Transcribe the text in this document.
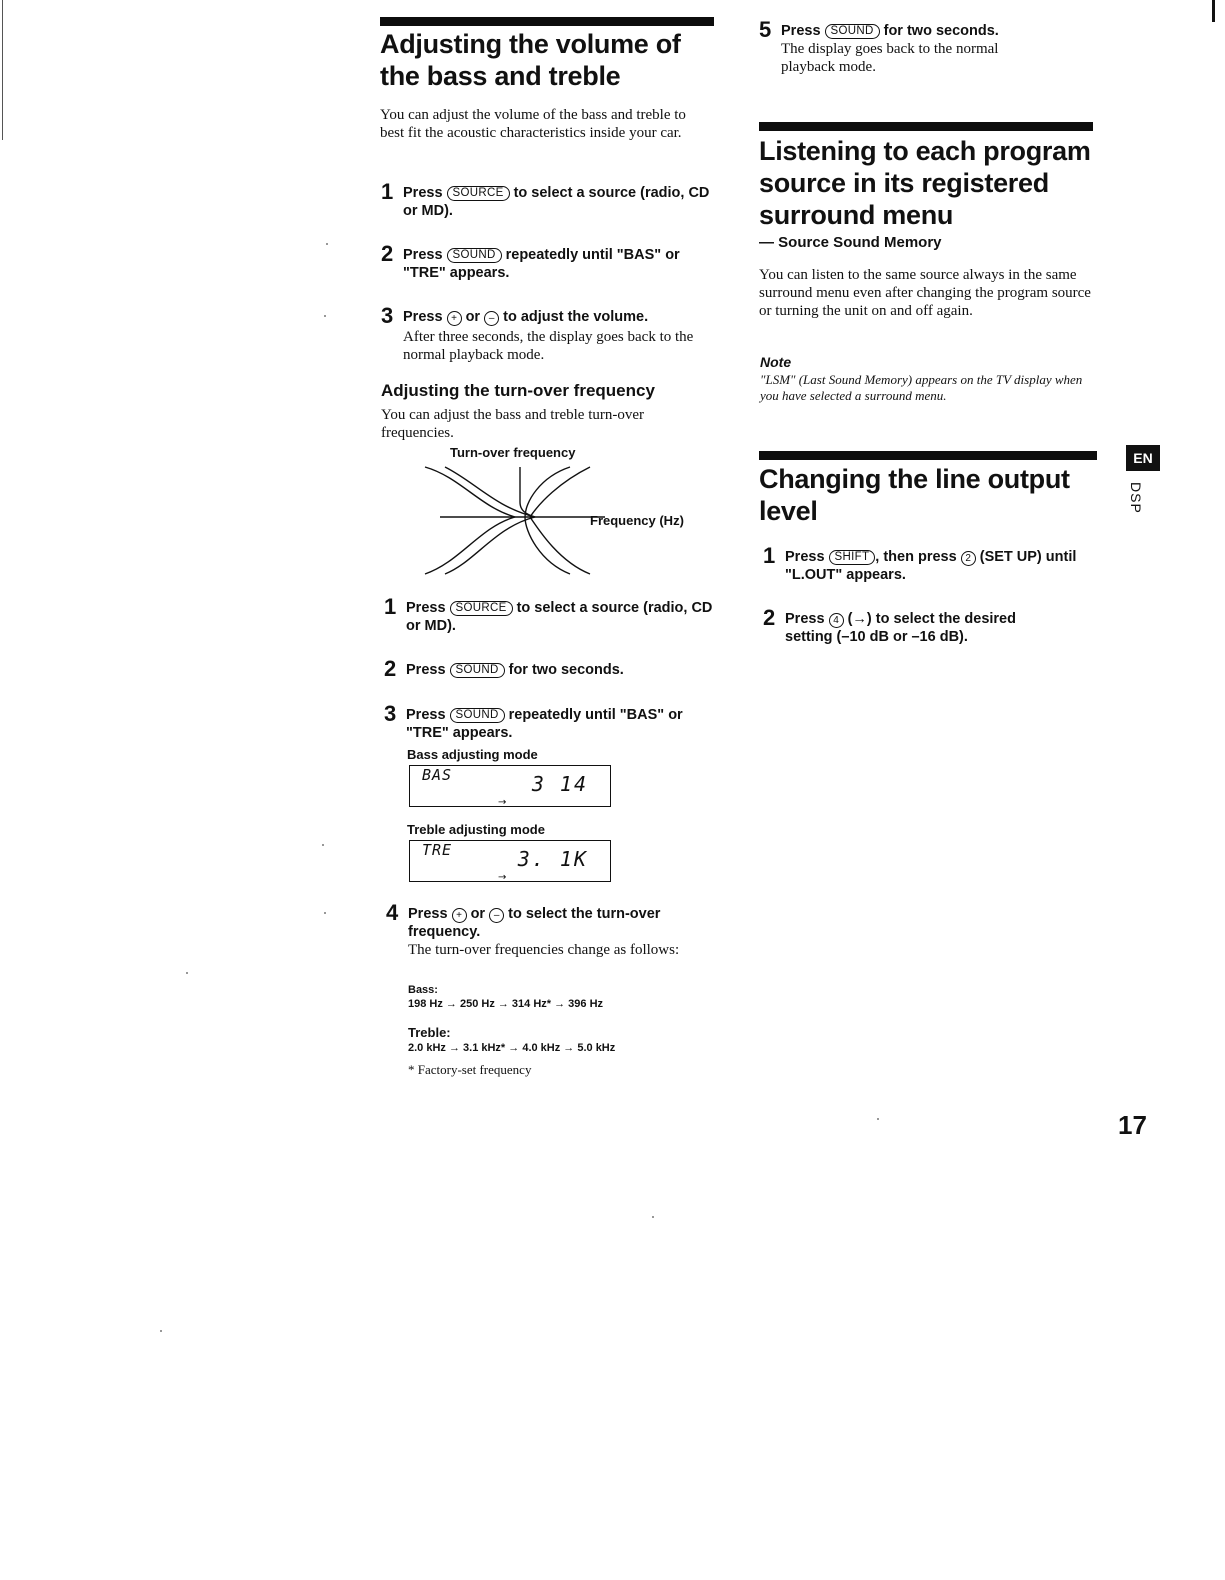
Adjusting the volume of the bass and treble
You can adjust the volume of the bass and treble to best fit the acoustic characteristics inside your car.
1 Press SOURCE to select a source (radio, CD or MD).
2 Press SOUND repeatedly until "BAS" or "TRE" appears.
3 Press + or – to adjust the volume.
After three seconds, the display goes back to the normal playback mode.
Adjusting the turn-over frequency
You can adjust the bass and treble turn-over frequencies.
Turn-over frequency
Frequency (Hz)
1 Press SOURCE to select a source (radio, CD or MD).
2 Press SOUND for two seconds.
3 Press SOUND repeatedly until "BAS" or "TRE" appears.
Bass adjusting mode
BAS	3 14
→
Treble adjusting mode
TRE	3. 1K
→
4 Press + or – to select the turn-over frequency.
The turn-over frequencies change as follows:
Bass:
198 Hz → 250 Hz → 314 Hz* → 396 Hz
Treble:
2.0 kHz → 3.1 kHz* → 4.0 kHz → 5.0 kHz
* Factory-set frequency
5 Press SOUND for two seconds.
The display goes back to the normal playback mode.
Listening to each program source in its registered surround menu
— Source Sound Memory
You can listen to the same source always in the same surround menu even after changing the program source or turning the unit on and off again.
Note
"LSM" (Last Sound Memory) appears on the TV display when you have selected a surround menu.
Changing the line output level
1 Press SHIFT , then press 2 (SET UP) until "L.OUT" appears.
2 Press 4 (→) to select the desired setting (–10 dB or –16 dB).
EN
DSP
17
